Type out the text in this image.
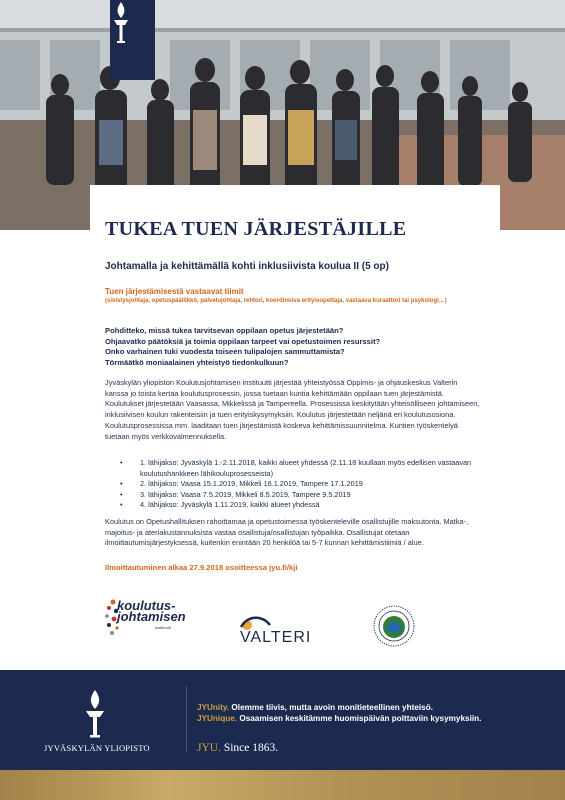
TUKEA TUEN JÄRJESTÄJILLE
Johtamalla ja kehittämällä kohti inklusiivista koulua II (5 op)

Tuen järjestämisestä vastaavat tiimit

(sivistysjohtaja, opetuspäällikkö, palvelujohtaja, rehtori, koordinoiva erityisopettaja, vastaava kuraattori tai psykologi…)

Pohditteko, missä tukea tarvitsevan oppilaan opetus järjestetään?
Ohjaavatko päätöksiä ja toimia oppilaan tarpeet vai opetustoimen resurssit?
Onko varhainen tuki vuodesta toiseen tulipalojen sammuttamista?
Törmäätkö moniaalainen yhteistyö tiedonkulkuun?

Jyväskylän yliopiston Koulutusjohtamisen instituutti järjestää yhteistyössä Oppimis- ja ohjauskeskus Valterin kanssa jo toista kertaa koulutusprosessin, jossa tuetaan kuntia kehittämään oppilaan tuen järjestämistä. Koulutukset järjestetään Vaasassa, Mikkelissä ja Tampereella. Prosessissa keskitytään yhteisölliseen johtamiseen, inklusiivisen koulun rakenteisiin ja tuen erityiskysymyksiin. Koulutus järjestetään neljänä eri koulutusosiona. Koulutusprosessissa mm. laaditaan tuen järjestämistä koskeva kehittämissuunnitelma. Kuntien työskentelyä tuetaan myös verkkovalmennuksella.

• 1. lähijakso: Jyväskylä 1.-2.11.2018, kaikki alueet yhdessä (2.11.18 kuullaan myös edellisen vastaavan koulutushankkeen lähikouluprosesseista)
• 2. lähijakso: Vaasa 15.1.2019, Mikkeli 16.1.2019, Tampere 17.1.2019
• 3. lähijakso: Vaasa 7.5.2019, Mikkeli 8.5.2019, Tampere 9.5.2019
• 4. lähijakso: Jyväskylä 1.11.2019, kaikki alueet yhdessä

Koulutus on Opetushallituksen rahoittamaa ja opetustoimessa työskenteleville osallistujille maksutonta. Matka-, majoitus- ja ateriakustannuksista vastaa osallistuja/osallistujan työpaikka. Osallistujat otetaan ilmoittautumisjärjestyksessä, kuitenkin enintään 20 henkilöä tai 5-7 kunnan kehittämistiimiä / alue.

Ilmoittautuminen alkaa 27.9.2018 osoitteessa jyu.fi/kji

koulutus-
johtamisen
instituutti
VALTERI
JYVÄSKYLÄN YLIOPISTO
JYUnity. Olemme tiivis, mutta avoin monitieteellinen yhteisö.
JYUnique. Osaamisen keskitämme huomispäivän polttaviin kysymyksiin.
JYU. Since 1863.
